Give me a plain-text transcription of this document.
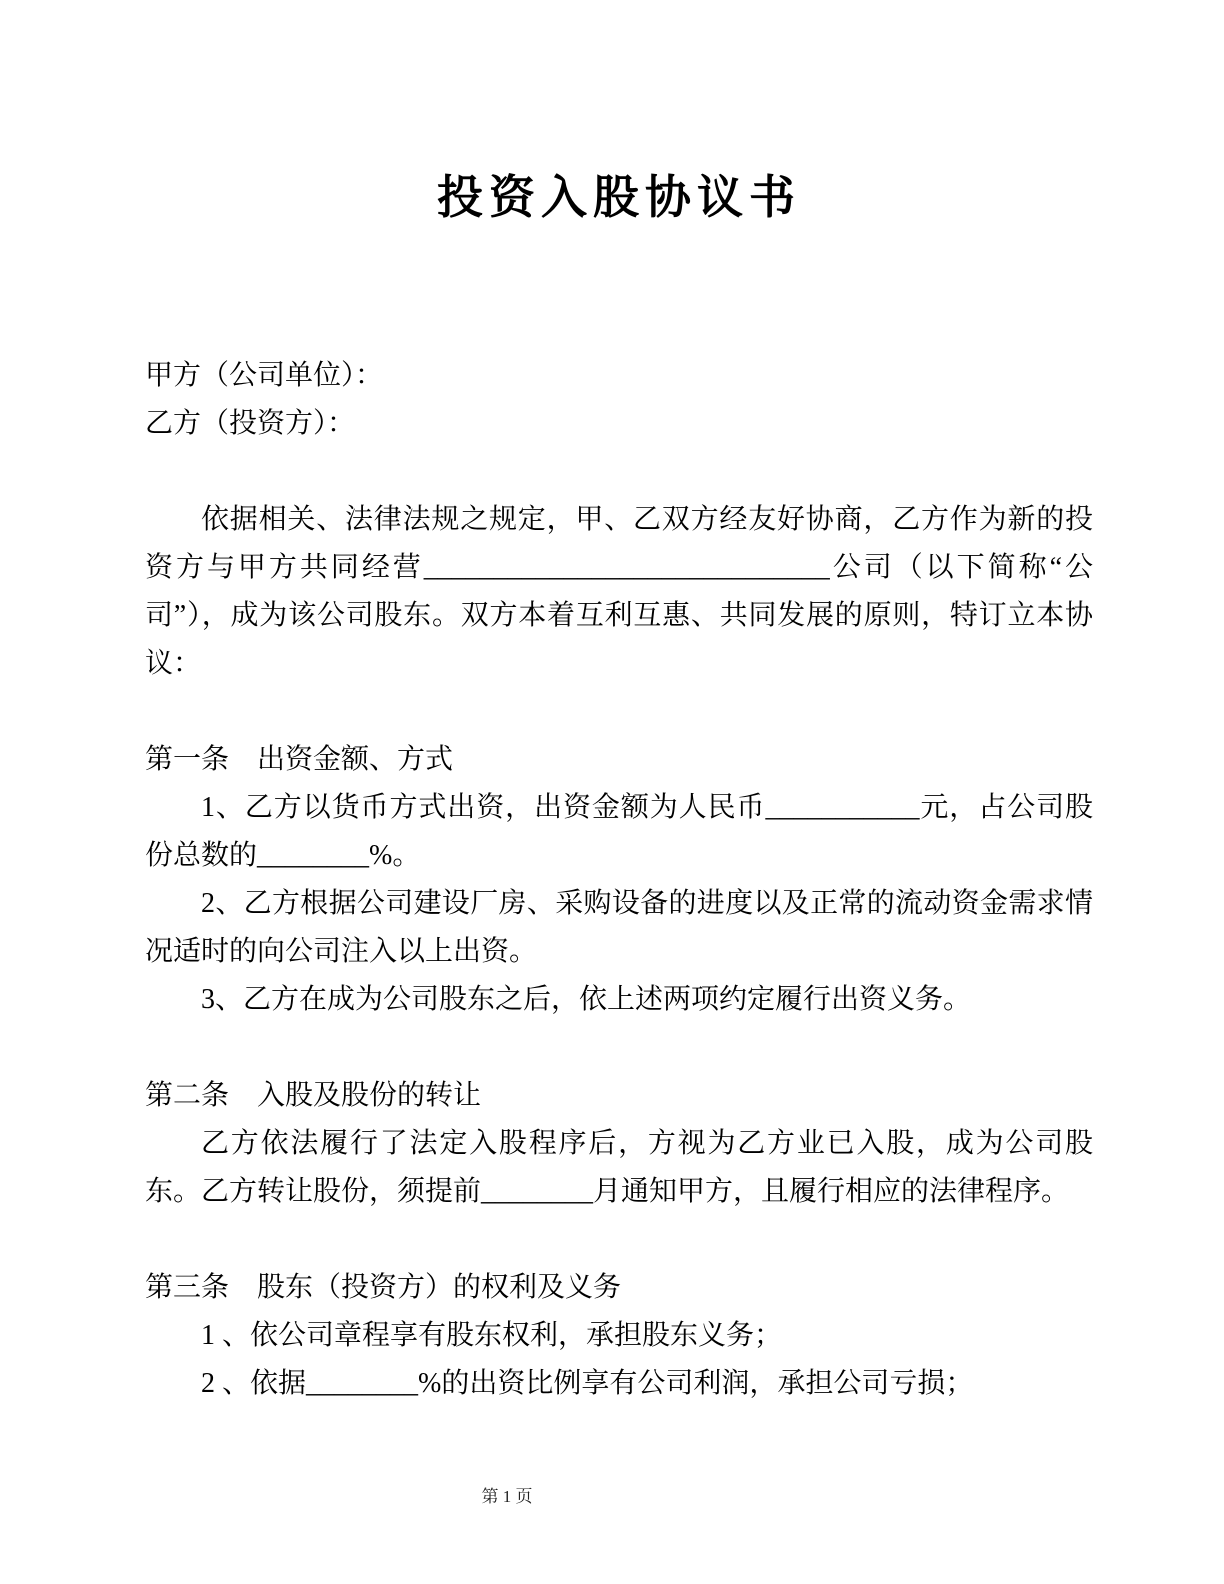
投资入股协议书

甲方（公司单位）：

乙方（投资方）：

依据相关、法律法规之规定，甲、乙双方经友好协商，乙方作为新的投资方与甲方共同经营_____________________________公司（以下简称“公司”），成为该公司股东。双方本着互利互惠、共同发展的原则，特订立本协议：

第一条　出资金额、方式

1、乙方以货币方式出资，出资金额为人民币___________元，占公司股份总数的________%。

2、乙方根据公司建设厂房、采购设备的进度以及正常的流动资金需求情况适时的向公司注入以上出资。

3、乙方在成为公司股东之后，依上述两项约定履行出资义务。

第二条　入股及股份的转让

乙方依法履行了法定入股程序后，方视为乙方业已入股，成为公司股东。乙方转让股份，须提前________月通知甲方，且履行相应的法律程序。

第三条　股东（投资方）的权利及义务

1 、依公司章程享有股东权利，承担股东义务；

2 、依据________%的出资比例享有公司利润，承担公司亏损；

第 1 页
